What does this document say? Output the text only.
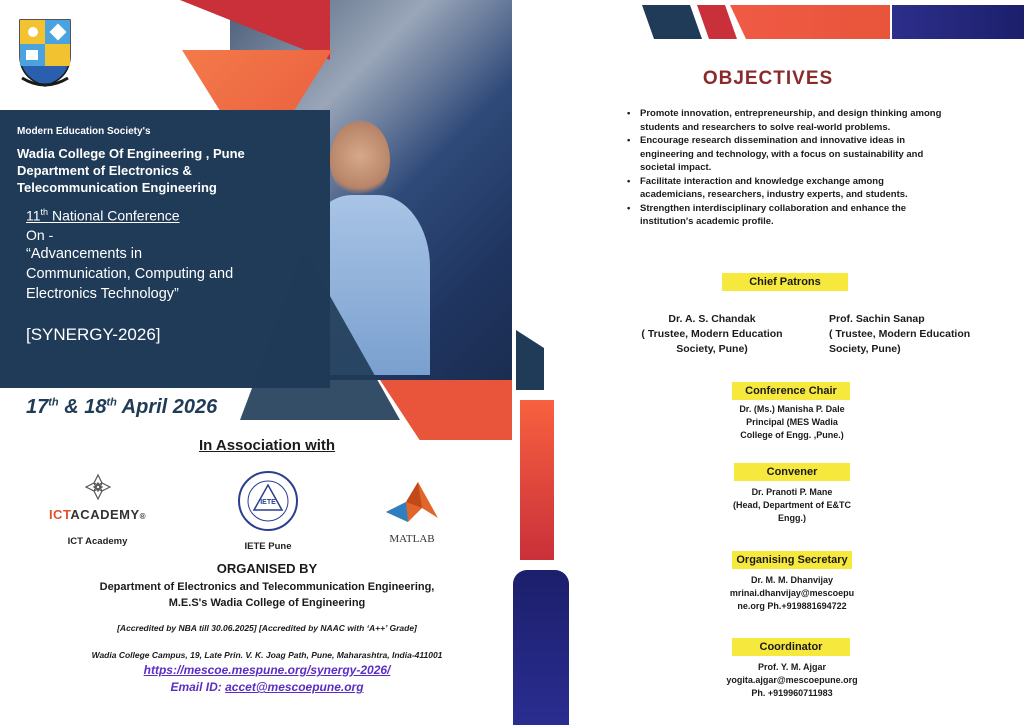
Modern Education Society's
Wadia College Of Engineering , Pune
Department of Electronics &
Telecommunication Engineering
11th National Conference
On -
“Advancements in
Communication, Computing and
Electronics Technology”
[SYNERGY-2026]
17th & 18th April 2026
In Association with
ICTACADEMY®
ICT Academy
IETE
IETE Pune
MATLAB
ORGANISED BY
Department of Electronics and Telecommunication Engineering,
M.E.S's Wadia College of Engineering
[Accredited by NBA till 30.06.2025] [Accredited by NAAC with ‘A++’ Grade]
Wadia College Campus, 19, Late Prin. V. K. Joag Path, Pune, Maharashtra, India-411001
https://mescoe.mespune.org/synergy-2026/
Email ID: accet@mescoepune.org
OBJECTIVES
• Promote innovation, entrepreneurship, and design thinking among students and researchers to solve real-world problems.
• Encourage research dissemination and innovative ideas in engineering and technology, with a focus on sustainability and societal impact.
• Facilitate interaction and knowledge exchange among academicians, researchers, industry experts, and students.
• Strengthen interdisciplinary collaboration and enhance the institution's academic profile.
Chief Patrons
Dr. A. S. Chandak
( Trustee, Modern Education
Society, Pune)
Prof. Sachin Sanap
( Trustee, Modern Education
Society, Pune)
Conference Chair
Dr. (Ms.) Manisha P. Dale
Principal (MES Wadia
College of Engg. ,Pune.)
Convener
Dr. Pranoti P. Mane
(Head, Department of E&TC
Engg.)
Organising Secretary
Dr. M. M. Dhanvijay
mrinai.dhanvijay@mescoepu
ne.org Ph.+919881694722
Coordinator
Prof. Y. M. Ajgar
yogita.ajgar@mescoepune.org
Ph. +919960711983
